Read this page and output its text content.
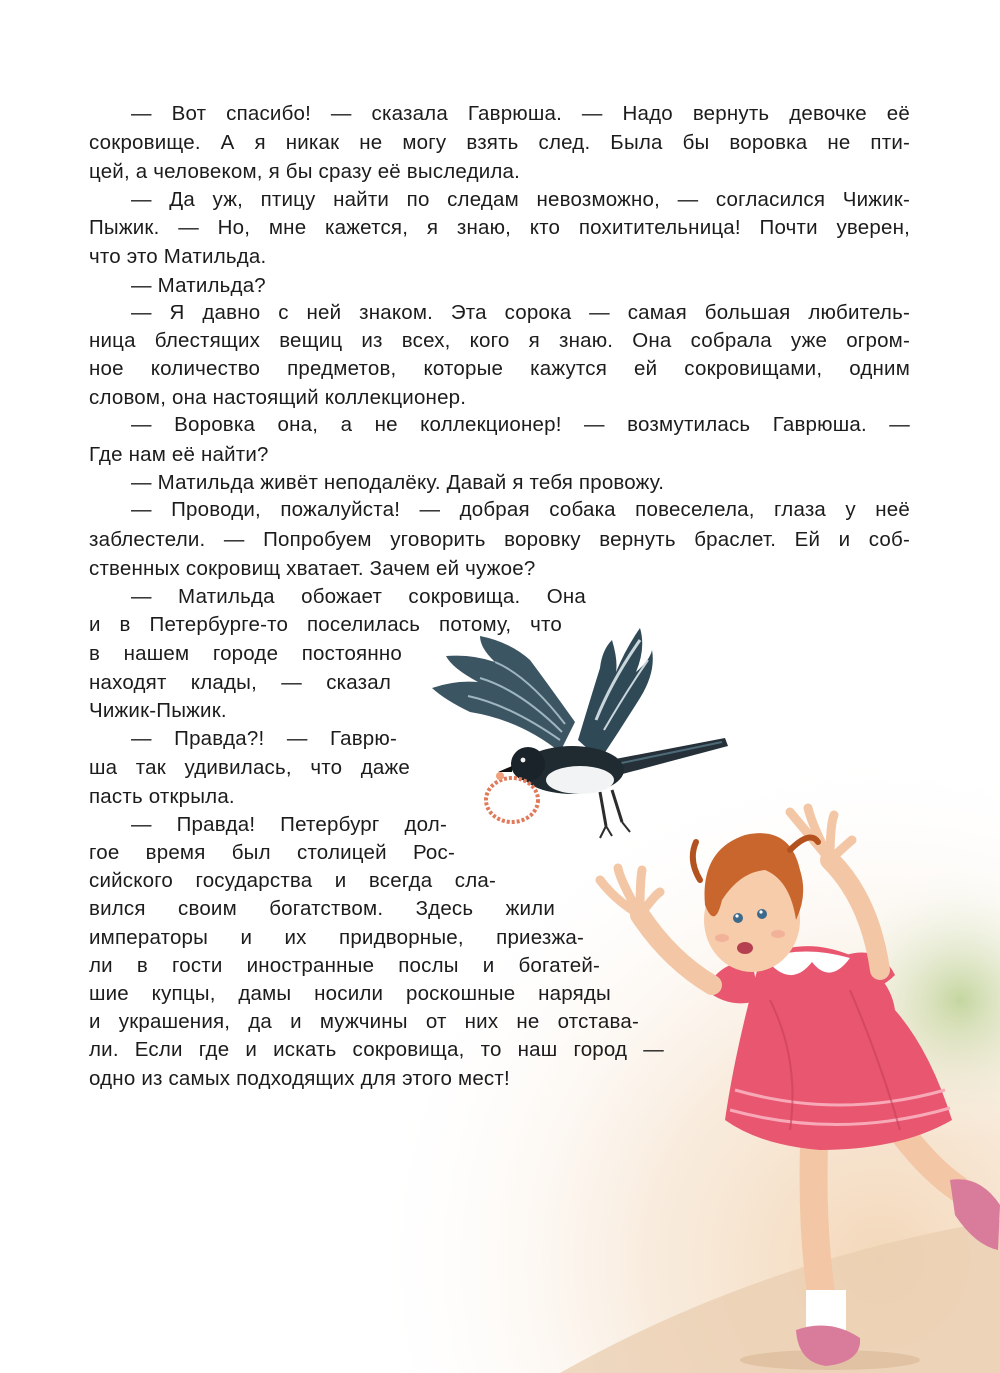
— Вот спасибо! — сказала Гаврюша. — Надо вернуть девочке её
сокровище. А я никак не могу взять след. Была бы воровка не пти-
цей, а человеком, я бы сразу её выследила.
— Да уж, птицу найти по следам невозможно, — согласился Чижик-
Пыжик. — Но, мне кажется, я знаю, кто похитительница! Почти уверен,
что это Матильда.
— Матильда?
— Я давно с ней знаком. Эта сорока — самая большая любитель-
ница блестящих вещиц из всех, кого я знаю. Она собрала уже огром-
ное количество предметов, которые кажутся ей сокровищами, одним
словом, она настоящий коллекционер.
— Воровка она, а не коллекционер! — возмутилась Гаврюша. —
Где нам её найти?
— Матильда живёт неподалёку. Давай я тебя провожу.
— Проводи, пожалуйста! — добрая собака повеселела, глаза у неё
заблестели. — Попробуем уговорить воровку вернуть браслет. Ей и соб-
ственных сокровищ хватает. Зачем ей чужое?
— Матильда обожает сокровища. Она
и в Петербурге-то поселилась потому, что
в нашем городе постоянно
находят клады, — сказал
Чижик-Пыжик.
— Правда?! — Гаврю-
ша так удивилась, что даже
пасть открыла.
— Правда! Петербург дол-
гое время был столицей Рос-
сийского государства и всегда сла-
вился своим богатством. Здесь жили
императоры и их придворные, приезжа-
ли в гости иностранные послы и богатей-
шие купцы, дамы носили роскошные наряды
и украшения, да и мужчины от них не отстава-
ли. Если где и искать сокровища, то наш город —
одно из самых подходящих для этого мест!
